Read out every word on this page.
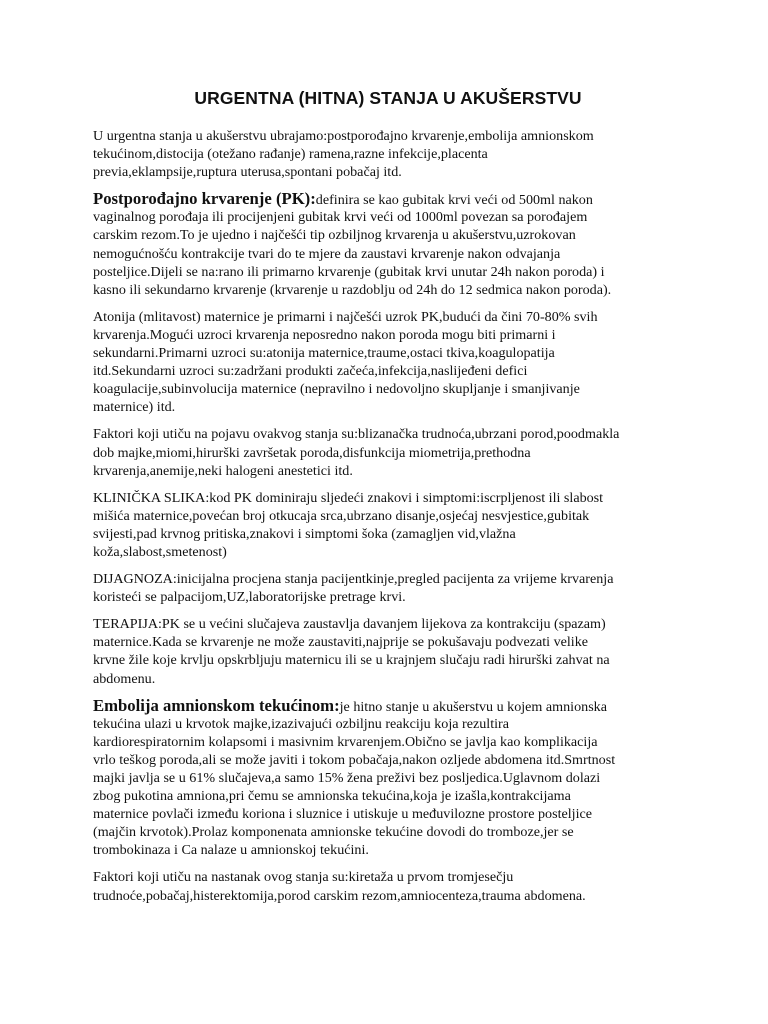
URGENTNA (HITNA) STANJA U AKUŠERSTVU
U urgentna stanja u akušerstvu ubrajamo:postporođajno krvarenje,embolija amnionskom
tekućinom,distocija (otežano rađanje) ramena,razne infekcije,placenta
previa,eklampsije,ruptura uterusa,spontani pobačaj itd.
Postporođajno krvarenje (PK):definira se kao gubitak krvi veći od 500ml nakon
vaginalnog porođaja ili procijenjeni gubitak krvi veći od 1000ml povezan sa porođajem
carskim rezom.To je ujedno i najčešći tip ozbiljnog krvarenja u akušerstvu,uzrokovan
nemogućnošću kontrakcije tvari do te mjere da zaustavi krvarenje nakon odvajanja
posteljice.Dijeli se na:rano ili primarno krvarenje (gubitak krvi unutar 24h nakon poroda) i
kasno ili sekundarno krvarenje (krvarenje u razdoblju od 24h do 12 sedmica nakon poroda).
Atonija (mlitavost) maternice je primarni i najčešći uzrok PK,budući da čini 70-80% svih
krvarenja.Mogući uzroci krvarenja neposredno nakon poroda mogu biti primarni i
sekundarni.Primarni uzroci su:atonija maternice,traume,ostaci tkiva,koagulopatija
itd.Sekundarni uzroci su:zadržani produkti začeća,infekcija,naslijeđeni defici
koagulacije,subinvolucija maternice (nepravilno i nedovoljno skupljanje i smanjivanje
maternice) itd.
Faktori koji utiču na pojavu ovakvog stanja su:blizanačka trudnoća,ubrzani porod,poodmakla
dob majke,miomi,hirurški završetak poroda,disfunkcija miometrija,prethodna
krvarenja,anemije,neki halogeni anestetici itd.
KLINIČKA SLIKA:kod PK dominiraju sljedeći znakovi i simptomi:iscrpljenost ili slabost
mišića maternice,povećan broj otkucaja srca,ubrzano disanje,osjećaj nesvjestice,gubitak
svijesti,pad krvnog pritiska,znakovi i simptomi šoka (zamagljen vid,vlažna
koža,slabost,smetenost)
DIJAGNOZA:inicijalna procjena stanja pacijentkinje,pregled pacijenta za vrijeme krvarenja
koristeći se palpacijom,UZ,laboratorijske pretrage krvi.
TERAPIJA:PK se u većini slučajeva zaustavlja davanjem lijekova za kontrakciju (spazam)
maternice.Kada se krvarenje ne može zaustaviti,najprije se pokušavaju podvezati velike
krvne žile koje krvlju opskrbljuju maternicu ili se u krajnjem slučaju radi hirurški zahvat na
abdomenu.
Embolija amnionskom tekućinom:je hitno stanje u akušerstvu u kojem amnionska
tekućina ulazi u krvotok majke,izazivajući ozbiljnu reakciju koja rezultira
kardiorespiratornim kolapsomi i masivnim krvarenjem.Obično se javlja kao komplikacija
vrlo teškog poroda,ali se može javiti i tokom pobačaja,nakon ozljede abdomena itd.Smrtnost
majki javlja se u 61% slučajeva,a samo 15% žena preživi bez posljedica.Uglavnom dolazi
zbog pukotina amniona,pri čemu se amnionska tekućina,koja je izašla,kontrakcijama
maternice povlači između koriona i sluznice i utiskuje u međuvilozne prostore posteljice
(majčin krvotok).Prolaz komponenata amnionske tekućine dovodi do tromboze,jer se
trombokinaza i Ca nalaze u amnionskoj tekućini.
Faktori koji utiču na nastanak ovog stanja su:kiretaža u prvom tromjesečju
trudnoće,pobačaj,histerektomija,porod carskim rezom,amniocenteza,trauma abdomena.
